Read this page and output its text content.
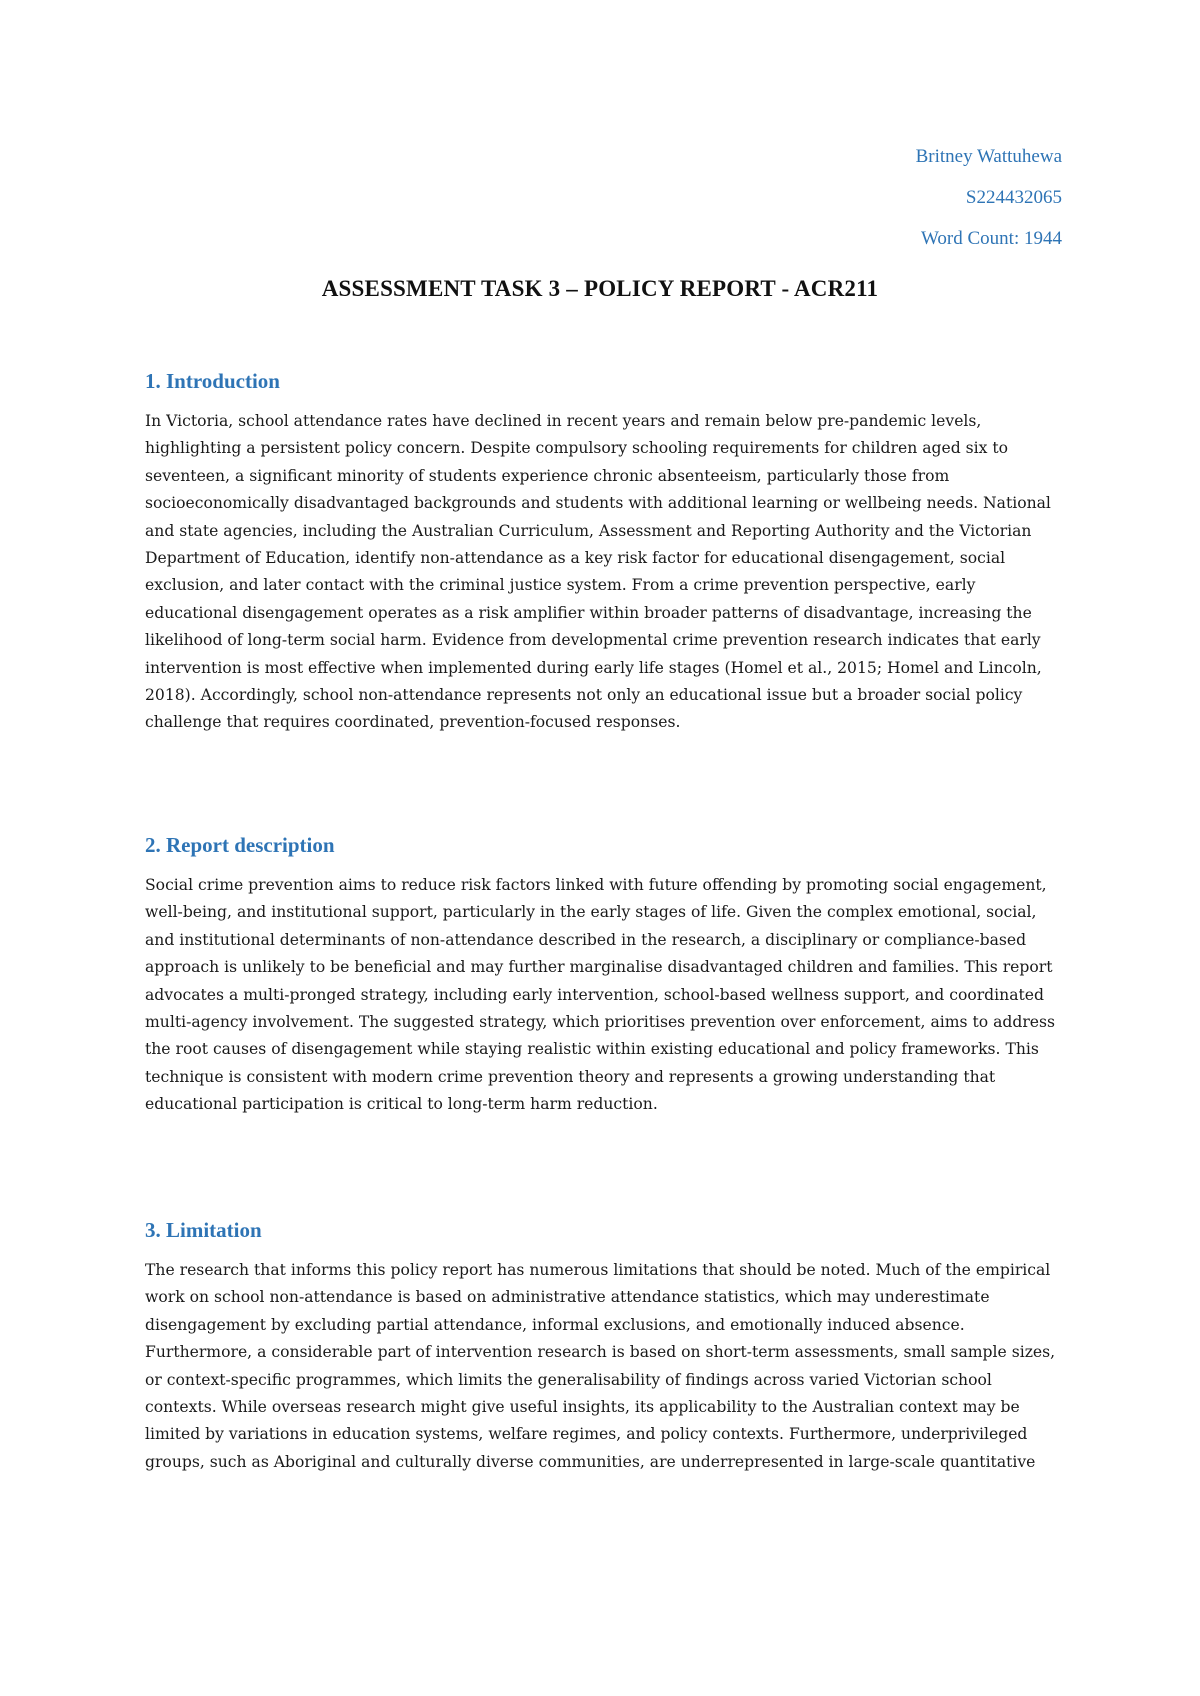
Britney Wattuhewa
S224432065
Word Count: 1944
ASSESSMENT TASK 3 – POLICY REPORT - ACR211
1. Introduction

In Victoria, school attendance rates have declined in recent years and remain below pre-pandemic levels, highlighting a persistent policy concern. Despite compulsory schooling requirements for children aged six to seventeen, a significant minority of students experience chronic absenteeism, particularly those from socioeconomically disadvantaged backgrounds and students with additional learning or wellbeing needs. National and state agencies, including the Australian Curriculum, Assessment and Reporting Authority and the Victorian Department of Education, identify non-attendance as a key risk factor for educational disengagement, social exclusion, and later contact with the criminal justice system. From a crime prevention perspective, early educational disengagement operates as a risk amplifier within broader patterns of disadvantage, increasing the likelihood of long-term social harm. Evidence from developmental crime prevention research indicates that early intervention is most effective when implemented during early life stages (Homel et al., 2015; Homel and Lincoln, 2018). Accordingly, school non-attendance represents not only an educational issue but a broader social policy challenge that requires coordinated, prevention-focused responses.

2. Report description

Social crime prevention aims to reduce risk factors linked with future offending by promoting social engagement, well-being, and institutional support, particularly in the early stages of life. Given the complex emotional, social, and institutional determinants of non-attendance described in the research, a disciplinary or compliance-based approach is unlikely to be beneficial and may further marginalise disadvantaged children and families. This report advocates a multi-pronged strategy, including early intervention, school-based wellness support, and coordinated multi-agency involvement. The suggested strategy, which prioritises prevention over enforcement, aims to address the root causes of disengagement while staying realistic within existing educational and policy frameworks. This technique is consistent with modern crime prevention theory and represents a growing understanding that educational participation is critical to long-term harm reduction.

3. Limitation

The research that informs this policy report has numerous limitations that should be noted. Much of the empirical work on school non-attendance is based on administrative attendance statistics, which may underestimate disengagement by excluding partial attendance, informal exclusions, and emotionally induced absence. Furthermore, a considerable part of intervention research is based on short-term assessments, small sample sizes, or context-specific programmes, which limits the generalisability of findings across varied Victorian school contexts. While overseas research might give useful insights, its applicability to the Australian context may be limited by variations in education systems, welfare regimes, and policy contexts. Furthermore, underprivileged groups, such as Aboriginal and culturally diverse communities, are underrepresented in large-scale quantitative
